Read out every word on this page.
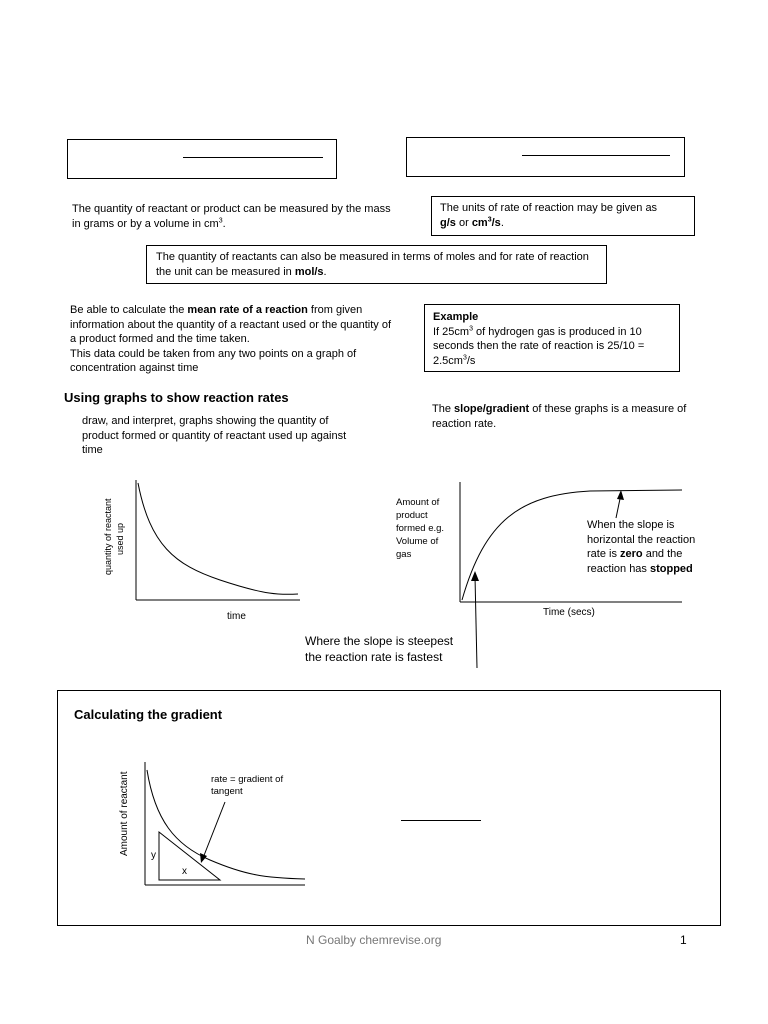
The quantity of reactant or product can be measured by the mass in grams or by a volume in $cm^3$.
The units of rate of reaction may be given as
g/s or $cm^3/s$.
The quantity of reactants can also be measured in terms of moles and for rate of reaction the unit can be measured in mol/s.
Be able to calculate the mean rate of a reaction from given information about the quantity of a reactant used or the quantity of a product formed and the time taken.
This data could be taken from any two points on a graph of concentration against time
Example
If $25cm^3$ of hydrogen gas is produced in 10 seconds then the rate of reaction is $25/10 = 2.5cm^3/s$
Using graphs to show reaction rates
draw, and interpret, graphs showing the quantity of product formed or quantity of reactant used up against time
The slope/gradient of these graphs is a measure of reaction rate.
quantity of reactant used up
time
Amount of
product
formed e.g.
Volume of
gas
Time (secs)
When the slope is
horizontal the reaction
rate is zero and the
reaction has stopped
Where the slope is steepest
the reaction rate is fastest
Calculating the gradient
y
x
Amount of reactant	rate = gradient of
tangent
N Goalby chemrevise.org	1
